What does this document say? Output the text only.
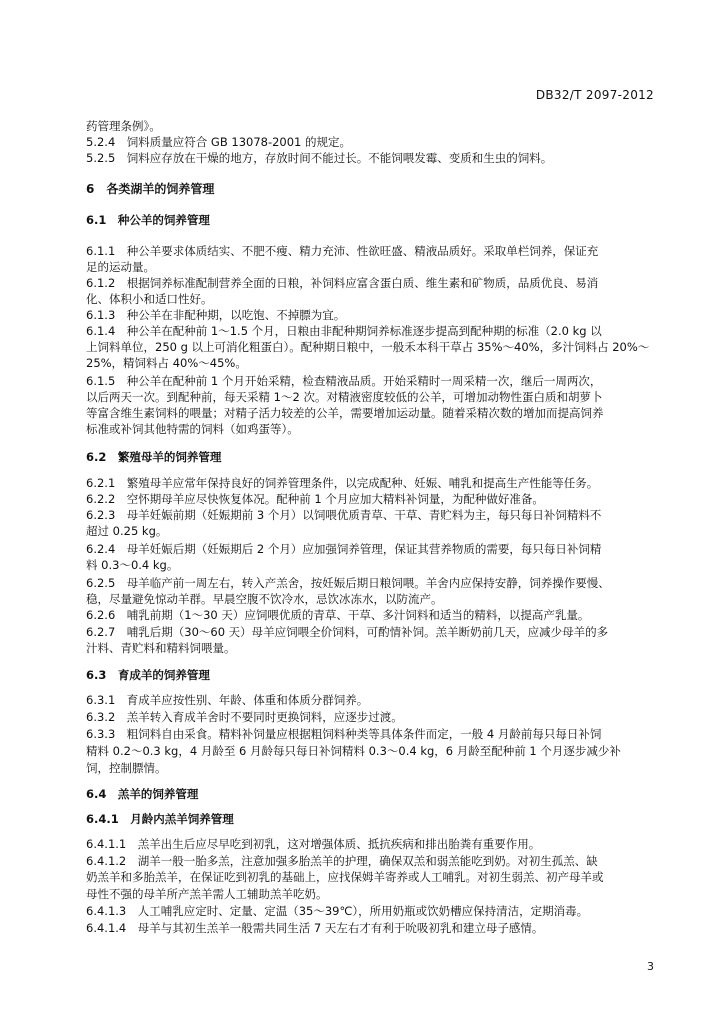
DB32/T 2097-2012
药管理条例》。
5.2.4　饲料质量应符合 GB 13078-2001 的规定。
5.2.5　饲料应存放在干燥的地方，存放时间不能过长。不能饲喂发霉、变质和生虫的饲料。
6　各类湖羊的饲养管理
6.1　种公羊的饲养管理
6.1.1　种公羊要求体质结实、不肥不瘦、精力充沛、性欲旺盛、精液品质好。采取单栏饲养，保证充
足的运动量。
6.1.2　根据饲养标准配制营养全面的日粮，补饲料应富含蛋白质、维生素和矿物质，品质优良、易消
化、体积小和适口性好。
6.1.3　种公羊在非配种期，以吃饱、不掉膘为宜。
6.1.4　种公羊在配种前 1～1.5 个月，日粮由非配种期饲养标准逐步提高到配种期的标准（2.0 kg 以
上饲料单位，250 g 以上可消化粗蛋白）。配种期日粮中，一般禾本科干草占 35%～40%，多汁饲料占 20%～
25%，精饲料占 40%～45%。
6.1.5　种公羊在配种前 1 个月开始采精，检查精液品质。开始采精时一周采精一次，继后一周两次，
以后两天一次。到配种前，每天采精 1～2 次。对精液密度较低的公羊，可增加动物性蛋白质和胡萝卜
等富含维生素饲料的喂量；对精子活力较差的公羊，需要增加运动量。随着采精次数的增加而提高饲养
标准或补饲其他特需的饲料（如鸡蛋等）。
6.2　繁殖母羊的饲养管理
6.2.1　繁殖母羊应常年保持良好的饲养管理条件，以完成配种、妊娠、哺乳和提高生产性能等任务。
6.2.2　空怀期母羊应尽快恢复体况。配种前 1 个月应加大精料补饲量，为配种做好准备。
6.2.3　母羊妊娠前期（妊娠期前 3 个月）以饲喂优质青草、干草、青贮料为主，每只每日补饲精料不
超过 0.25 kg。
6.2.4　母羊妊娠后期（妊娠期后 2 个月）应加强饲养管理，保证其营养物质的需要，每只每日补饲精
料 0.3～0.4 kg。
6.2.5　母羊临产前一周左右，转入产羔舍，按妊娠后期日粮饲喂。羊舍内应保持安静，饲养操作要慢、
稳，尽量避免惊动羊群。早晨空腹不饮冷水，忌饮冰冻水，以防流产。
6.2.6　哺乳前期（1～30 天）应饲喂优质的青草、干草、多汁饲料和适当的精料，以提高产乳量。
6.2.7　哺乳后期（30～60 天）母羊应饲喂全价饲料，可酌情补饲。羔羊断奶前几天，应减少母羊的多
汁料、青贮料和精料饲喂量。
6.3　育成羊的饲养管理
6.3.1　育成羊应按性别、年龄、体重和体质分群饲养。
6.3.2　羔羊转入育成羊舍时不要同时更换饲料，应逐步过渡。
6.3.3　粗饲料自由采食。精料补饲量应根据粗饲料种类等具体条件而定，一般 4 月龄前每只每日补饲
精料 0.2～0.3 kg，4 月龄至 6 月龄每只每日补饲精料 0.3～0.4 kg，6 月龄至配种前 1 个月逐步减少补
饲，控制膘情。
6.4　羔羊的饲养管理
6.4.1　月龄内羔羊饲养管理
6.4.1.1　羔羊出生后应尽早吃到初乳，这对增强体质、抵抗疾病和排出胎粪有重要作用。
6.4.1.2　湖羊一般一胎多羔，注意加强多胎羔羊的护理，确保双羔和弱羔能吃到奶。对初生孤羔、缺
奶羔羊和多胎羔羊，在保证吃到初乳的基础上，应找保姆羊寄养或人工哺乳。对初生弱羔、初产母羊或
母性不强的母羊所产羔羊需人工辅助羔羊吃奶。
6.4.1.3　人工哺乳应定时、定量、定温（35～39℃），所用奶瓶或饮奶槽应保持清洁，定期消毒。
6.4.1.4　母羊与其初生羔羊一般需共同生活 7 天左右才有利于吮吸初乳和建立母子感情。
3
